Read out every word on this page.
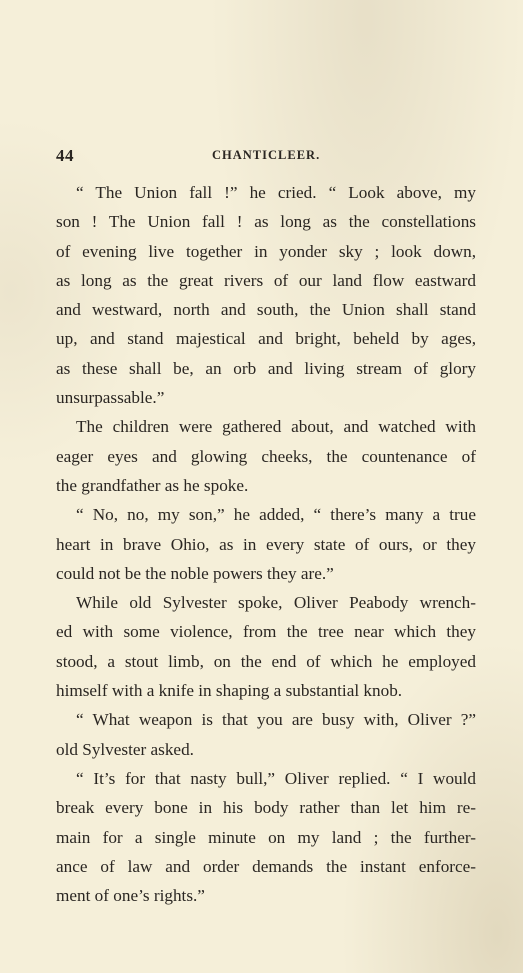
44	CHANTICLEER.
“ The Union fall !” he cried. “ Look above, my
son ! The Union fall ! as long as the constellations
of evening live together in yonder sky ; look down,
as long as the great rivers of our land flow eastward
and westward, north and south, the Union shall stand
up, and stand majestical and bright, beheld by ages,
as these shall be, an orb and living stream of glory
unsurpassable.”
The children were gathered about, and watched with
eager eyes and glowing cheeks, the countenance of
the grandfather as he spoke.
“ No, no, my son,” he added, “ there’s many a true
heart in brave Ohio, as in every state of ours, or they
could not be the noble powers they are.”
While old Sylvester spoke, Oliver Peabody wrench-
ed with some violence, from the tree near which they
stood, a stout limb, on the end of which he employed
himself with a knife in shaping a substantial knob.
“ What weapon is that you are busy with, Oliver ?”
old Sylvester asked.
“ It’s for that nasty bull,” Oliver replied. “ I would
break every bone in his body rather than let him re-
main for a single minute on my land ; the further-
ance of law and order demands the instant enforce-
ment of one’s rights.”
